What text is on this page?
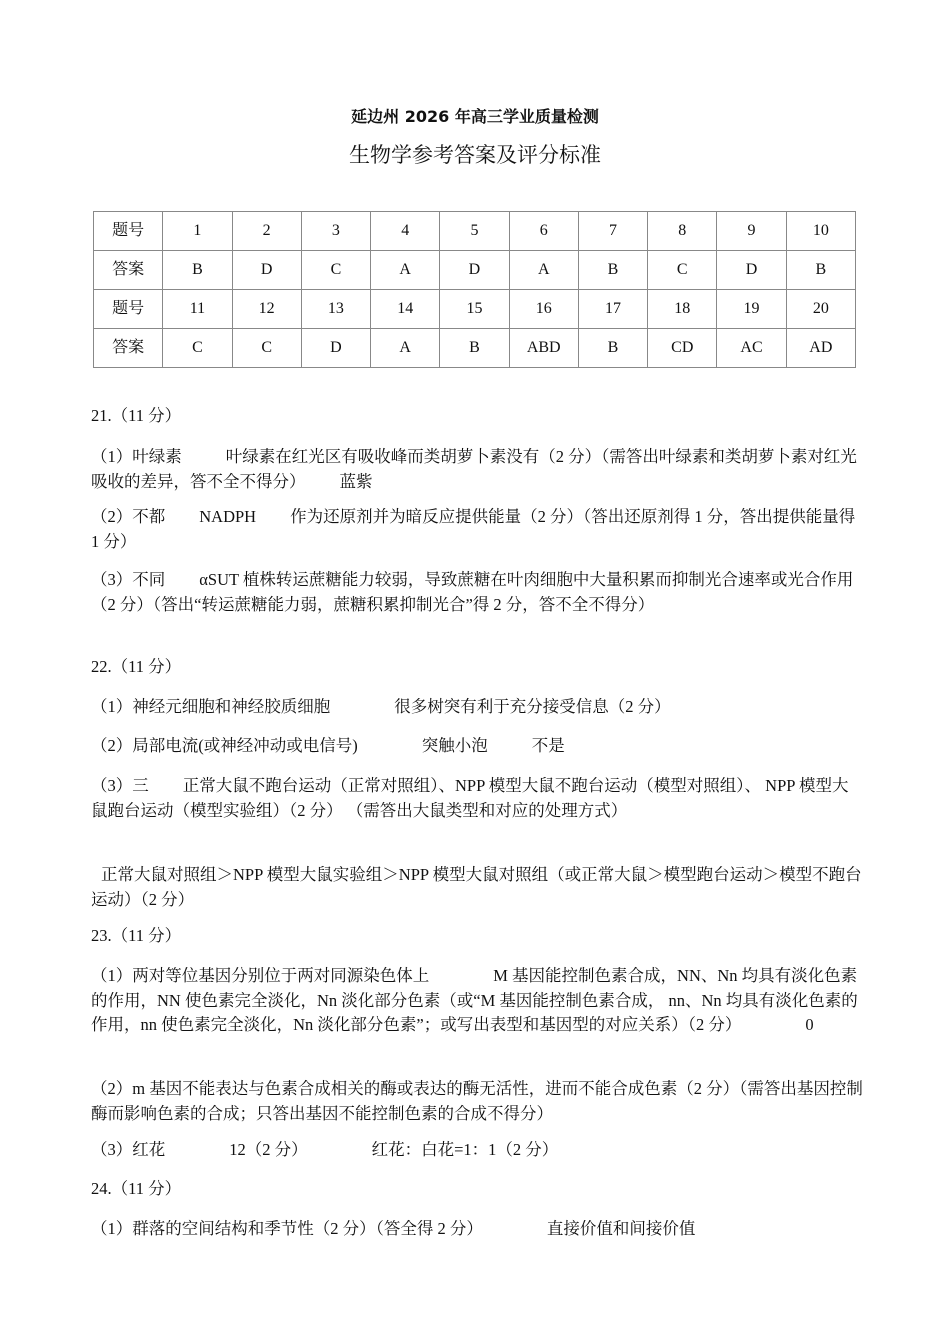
延边州 2026 年高三学业质量检测
生物学参考答案及评分标准
题号	1	2	3	4	5	6	7	8	9	10
答案	B	D	C	A	D	A	B	C	D	B
题号	11	12	13	14	15	16	17	18	19	20
答案	C	C	D	A	B	ABD	B	CD	AC	AD
21.（11 分）
（1）叶绿素	叶绿素在红光区有吸收峰而类胡萝卜素没有（2 分）（需答出叶绿素和类胡萝卜素对红光吸收的差异，答不全不得分） 蓝紫
（2）不都 NADPH 作为还原剂并为暗反应提供能量（2 分）（答出还原剂得 1 分，答出提供能量得 1 分）
（3）不同 αSUT 植株转运蔗糖能力较弱，导致蔗糖在叶肉细胞中大量积累而抑制光合速率或光合作用（2 分）（答出“转运蔗糖能力弱，蔗糖积累抑制光合”得 2 分，答不全不得分）
22.（11 分）
（1）神经元细胞和神经胶质细胞	很多树突有利于充分接受信息（2 分）
（2）局部电流(或神经冲动或电信号)	突触小泡	不是
（3）三 正常大鼠不跑台运动（正常对照组）、NPP 模型大鼠不跑台运动（模型对照组）、 NPP 模型大鼠跑台运动（模型实验组）（2 分） （需答出大鼠类型和对应的处理方式）
正常大鼠对照组＞NPP 模型大鼠实验组＞NPP 模型大鼠对照组（或正常大鼠＞模型跑台运动＞模型不跑台运动）（2 分）
23.（11 分）
（1）两对等位基因分别位于两对同源染色体上	M 基因能控制色素合成，NN、Nn 均具有淡化色素的作用，NN 使色素完全淡化，Nn 淡化部分色素（或“M 基因能控制色素合成， nn、Nn 均具有淡化色素的作用，nn 使色素完全淡化，Nn 淡化部分色素”；或写出表型和基因型的对应关系）（2 分）	0
（2）m 基因不能表达与色素合成相关的酶或表达的酶无活性，进而不能合成色素（2 分）（需答出基因控制酶而影响色素的合成；只答出基因不能控制色素的合成不得分）
（3）红花	12（2 分）	红花：白花=1：1（2 分）
24.（11 分）
（1）群落的空间结构和季节性（2 分）（答全得 2 分）	直接价值和间接价值
